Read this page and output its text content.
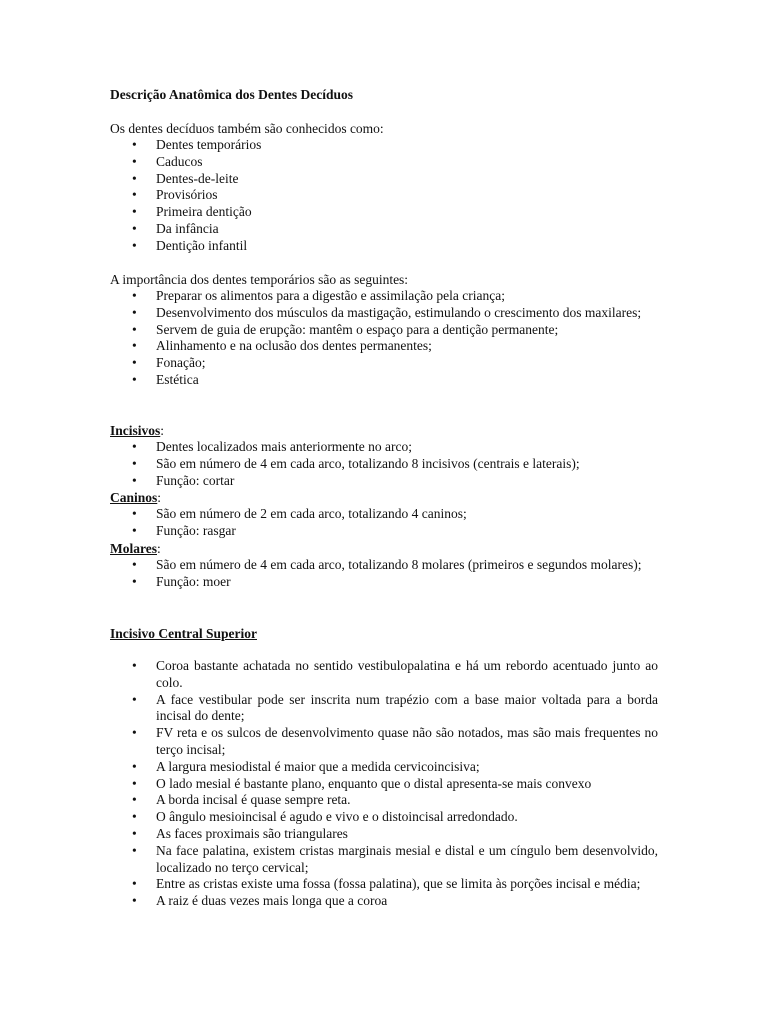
Descrição Anatômica dos Dentes Decíduos
Os dentes decíduos também são conhecidos como:
• Dentes temporários
• Caducos
• Dentes-de-leite
• Provisórios
• Primeira dentição
• Da infância
• Dentição infantil
A importância dos dentes temporários são as seguintes:
• Preparar os alimentos para a digestão e assimilação pela criança;
• Desenvolvimento dos músculos da mastigação, estimulando o crescimento dos maxilares;
• Servem de guia de erupção: mantêm o espaço para a dentição permanente;
• Alinhamento e na oclusão dos dentes permanentes;
• Fonação;
• Estética
Incisivos:
• Dentes localizados mais anteriormente no arco;
• São em número de 4 em cada arco, totalizando 8 incisivos (centrais e laterais);
• Função: cortar
Caninos:
• São em número de 2 em cada arco, totalizando 4 caninos;
• Função: rasgar
Molares:
• São em número de 4 em cada arco, totalizando 8 molares (primeiros e segundos molares);
• Função: moer
Incisivo Central Superior
• Coroa bastante achatada no sentido vestibulopalatina e há um rebordo acentuado junto ao colo.
• A face vestibular pode ser inscrita num trapézio com a base maior voltada para a borda incisal do dente;
• FV reta e os sulcos de desenvolvimento quase não são notados, mas são mais frequentes no terço incisal;
• A largura mesiodistal é maior que a medida cervicoincisiva;
• O lado mesial é bastante plano, enquanto que o distal apresenta-se mais convexo
• A borda incisal é quase sempre reta.
• O ângulo mesioincisal é agudo e vivo e o distoincisal arredondado.
• As faces proximais são triangulares
• Na face palatina, existem cristas marginais mesial e distal e um cíngulo bem desenvolvido, localizado no terço cervical;
• Entre as cristas existe uma fossa (fossa palatina), que se limita às porções incisal e média;
• A raiz é duas vezes mais longa que a coroa
